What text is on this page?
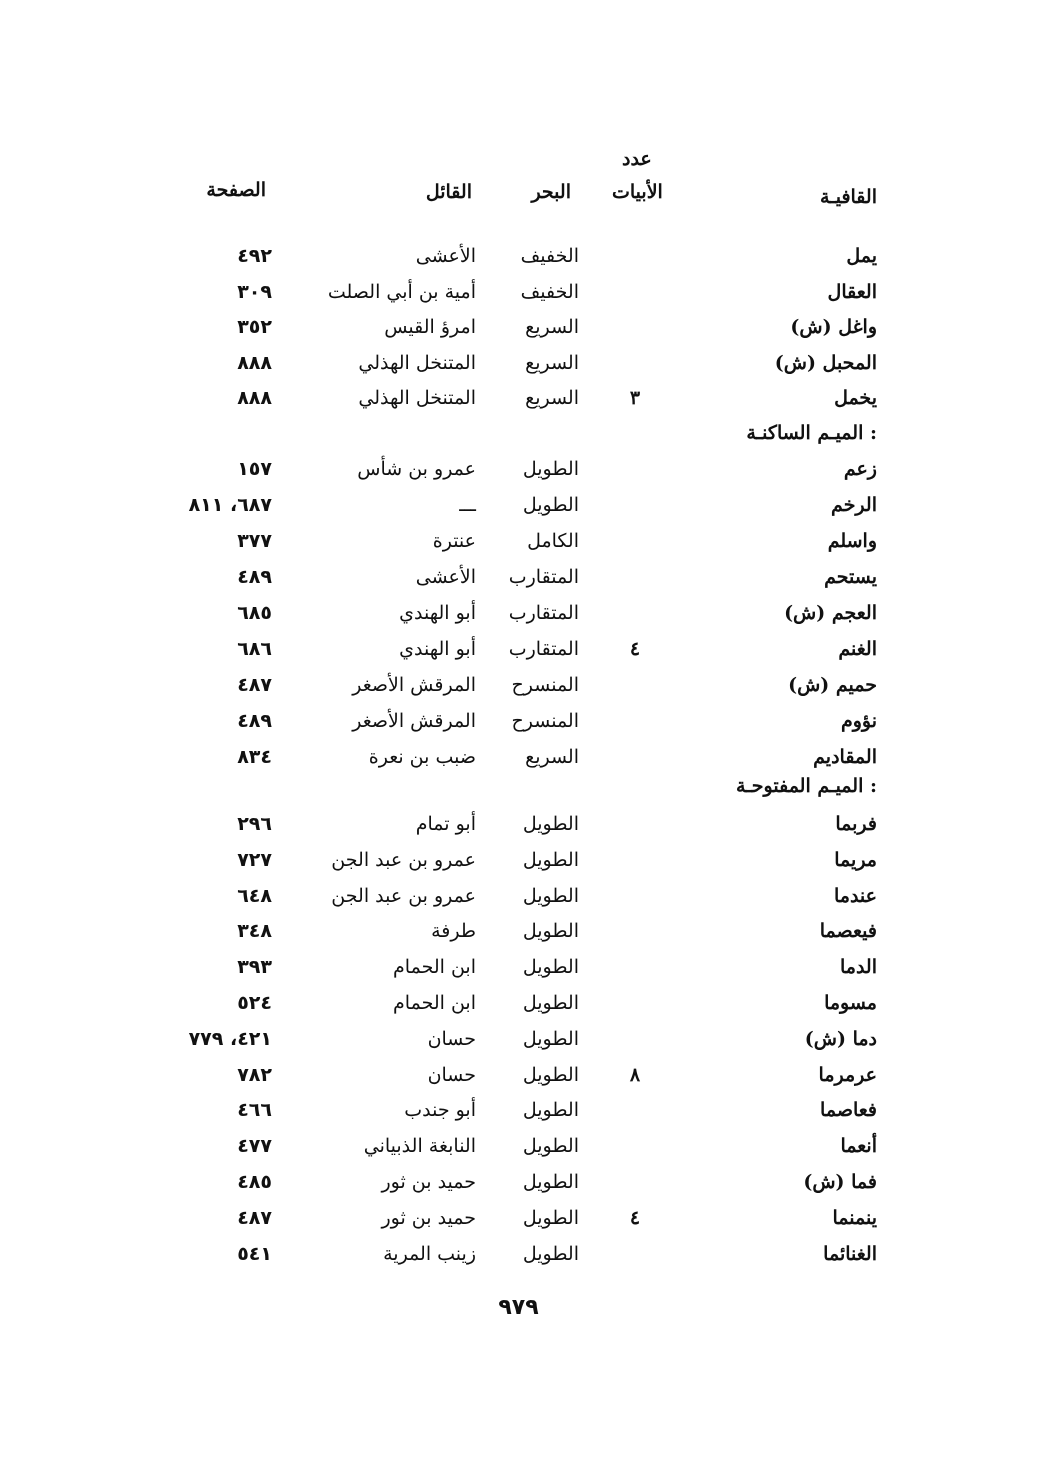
عدد
القافيـة
الأبيات
البحر
القائل
الصفحة
يمل
الخفيف
الأعشى
٤٩٢
العقال
الخفيف
أمية بن أبي الصلت
٣٠٩
واغل (ش)
السريع
امرؤ القيس
٣٥٢
المحبل (ش)
السريع
المتنخل الهذلي
٨٨٨
يخمل
٣
السريع
المتنخل الهذلي
٨٨٨
الميـم الساكنـة :
زعم
الطويل
عمرو بن شأس
١٥٧
الرخم
الطويل
ـــ
٦٨٧، ٨١١
واسلم
الكامل
عنترة
٣٧٧
يستحم
المتقارب
الأعشى
٤٨٩
العجم (ش)
المتقارب
أبو الهندي
٦٨٥
الغنم
٤
المتقارب
أبو الهندي
٦٨٦
حميم (ش)
المنسرح
المرقش الأصغر
٤٨٧
نؤوم
المنسرح
المرقش الأصغر
٤٨٩
المقاديم
السريع
ضبب بن نعرة
٨٣٤
الميـم المفتوحـة :
فربما
الطويل
أبو تمام
٢٩٦
مريما
الطويل
عمرو بن عبد الجن
٧٢٧
عندما
الطويل
عمرو بن عبد الجن
٦٤٨
فيعصما
الطويل
طرفة
٣٤٨
الدما
الطويل
ابن الحمام
٣٩٣
مسوما
الطويل
ابن الحمام
٥٢٤
دما (ش)
الطويل
حسان
٤٢١، ٧٧٩
عرمرما
٨
الطويل
حسان
٧٨٢
فعاصما
الطويل
أبو جندب
٤٦٦
أنعما
الطويل
النابغة الذبياني
٤٧٧
فما (ش)
الطويل
حميد بن ثور
٤٨٥
ينمنما
٤
الطويل
حميد بن ثور
٤٨٧
الغنائما
الطويل
زينب المرية
٥٤١
٩٧٩
